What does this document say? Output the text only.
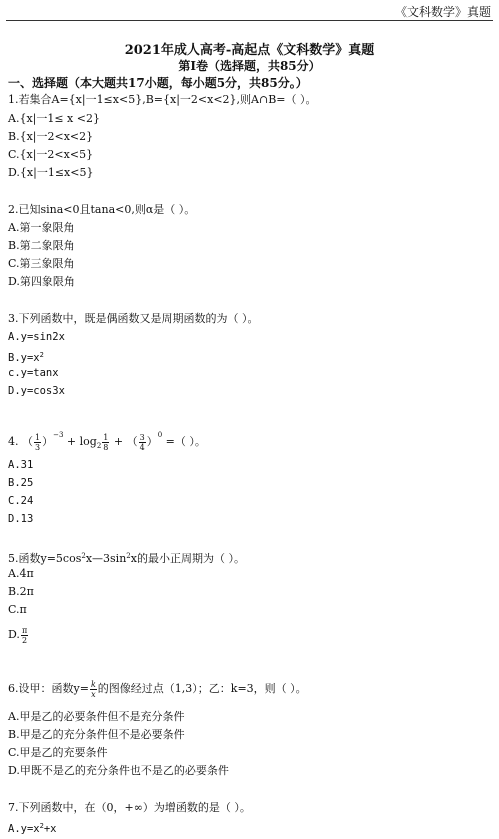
《文科数学》真题
2021年成人高考-高起点《文科数学》真题
第Ⅰ卷（选择题，共85分）
一、选择题（本大题共17小题，每小题5分，共85分。）
1.若集合A={x|一1≤x<5},B={x|一2<x<2},则A∩B=（ ）。
A.{x|一1≤ x <2}
B.{x|一2<x<2}
C.{x|一2<x<5}
D.{x|一1≤x<5}
2.已知sina<0且tana<0,则α是（ ）。
A.第一象限角
B.第二象限角
C.第三象限角
D.第四象限角
3.下列函数中，既是偶函数又是周期函数的为（ ）。
A.y=sin2x
$B.y=x^2$
c.y=tanx
D.y=cos3x
4. （ $\frac{1}{3} )^{-3} + \log_2 \frac{1}{8}$ + （ $\frac{3}{4} )^0$ =（ ）。
A.31
B.25
C.24
D.13
5.函数$y=5\cos^2x—3\sin^2x$的最小正周期为（ ）。
A.4π
B.2π
C.π
D. $\frac{\pi}{2}$
6.设甲：函数$y= \frac{k}{x}$ 的图像经过点（1,3）；乙：k=3，则（ ）。
A.甲是乙的必要条件但不是充分条件
B.甲是乙的充分条件但不是必要条件
C.甲是乙的充要条件
D.甲既不是乙的充分条件也不是乙的必要条件
7.下列函数中，在（0，+∞）为增函数的是（ ）。
$A.y=x^2+x$
